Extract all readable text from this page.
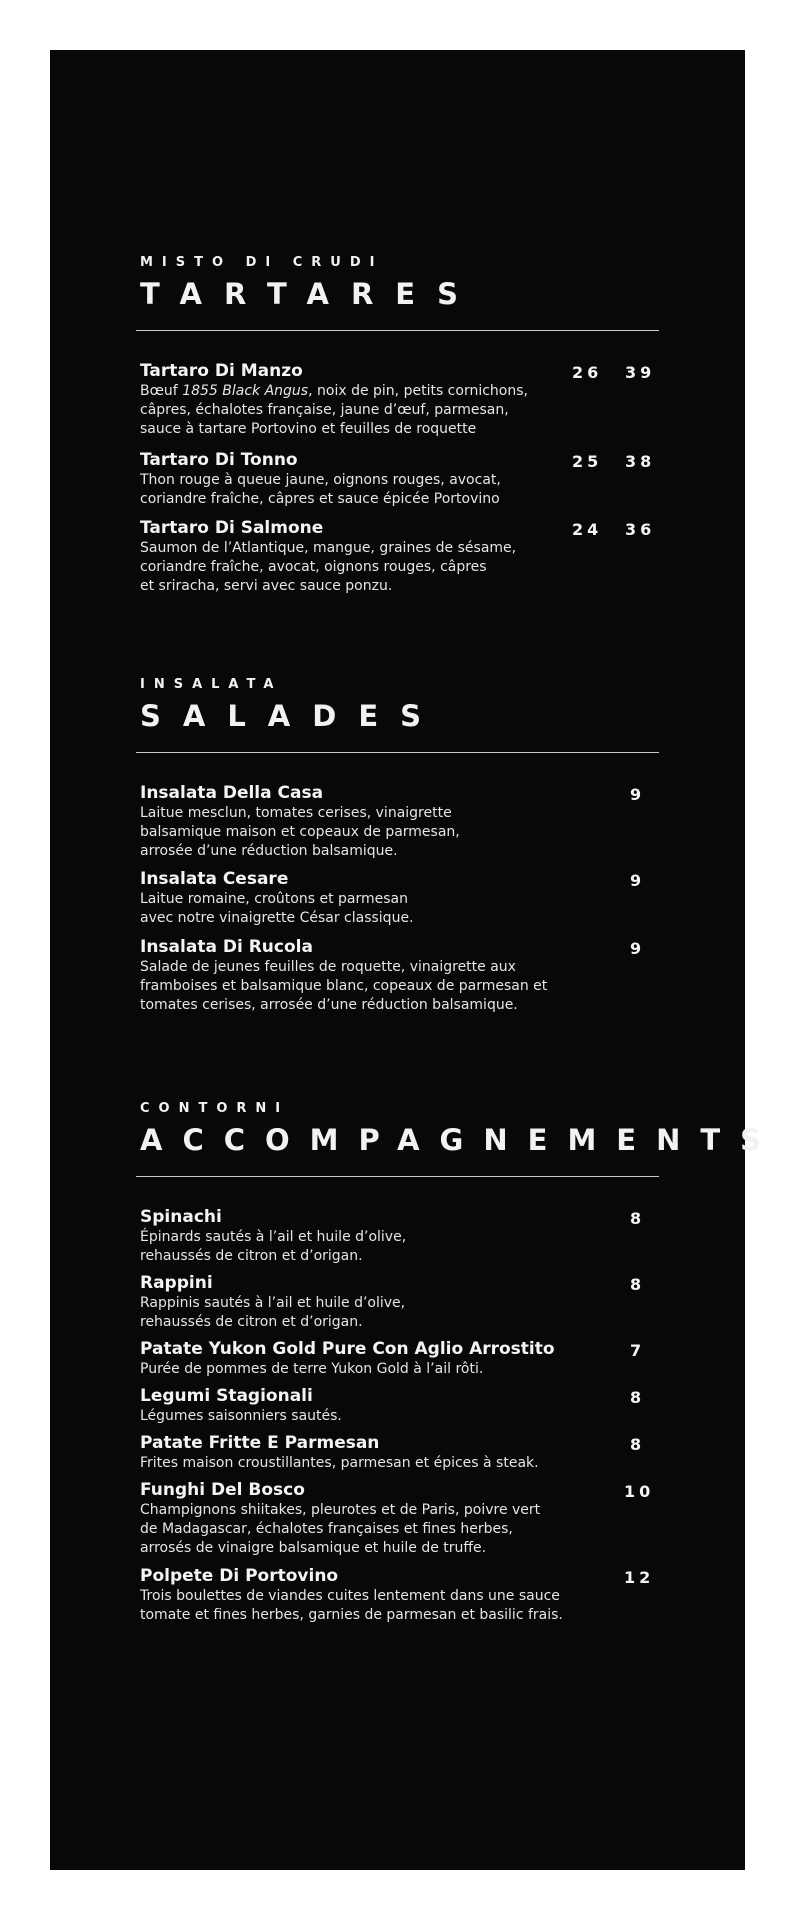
MISTO DI CRUDI

TARTARES

Tartaro Di Manzo

Bœuf 1855 Black Angus, noix de pin, petits cornichons,
câpres, échalotes française, jaune d’œuf, parmesan,
sauce à tartare Portovino et feuilles de roquette

26 39

Tartaro Di Tonno

Thon rouge à queue jaune, oignons rouges, avocat,
coriandre fraîche, câpres et sauce épicée Portovino

25 38

Tartaro Di Salmone

Saumon de l’Atlantique, mangue, graines de sésame,
coriandre fraîche, avocat, oignons rouges, câpres
et sriracha, servi avec sauce ponzu.

24 36

INSALATA

SALADES

Insalata Della Casa

Laitue mesclun, tomates cerises, vinaigrette
balsamique maison et copeaux de parmesan,
arrosée d’une réduction balsamique.

9

Insalata Cesare

Laitue romaine, croûtons et parmesan
avec notre vinaigrette César classique.

9

Insalata Di Rucola

Salade de jeunes feuilles de roquette, vinaigrette aux
framboises et balsamique blanc, copeaux de parmesan et
tomates cerises, arrosée d’une réduction balsamique.

9

CONTORNI

ACCOMPAGNEMENTS

Spinachi

Épinards sautés à l’ail et huile d’olive,
rehaussés de citron et d’origan.

8

Rappini

Rappinis sautés à l’ail et huile d’olive,
rehaussés de citron et d’origan.

8

Patate Yukon Gold Pure Con Aglio Arrostito

Purée de pommes de terre Yukon Gold à l’ail rôti.

7

Legumi Stagionali

Légumes saisonniers sautés.

8

Patate Fritte E Parmesan

Frites maison croustillantes, parmesan et épices à steak.

8

Funghi Del Bosco

Champignons shiitakes, pleurotes et de Paris, poivre vert
de Madagascar, échalotes françaises et fines herbes,
arrosés de vinaigre balsamique et huile de truffe.

10

Polpete Di Portovino

Trois boulettes de viandes cuites lentement dans une sauce
tomate et fines herbes, garnies de parmesan et basilic frais.

12
